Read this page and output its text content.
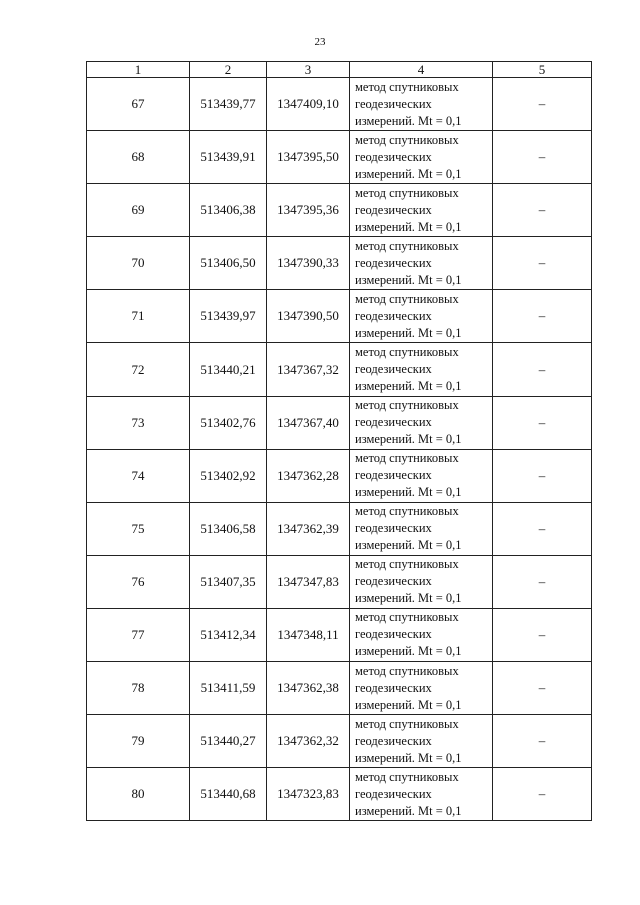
23
1	2	3	4	5
67	513439,77	1347409,10	метод спутниковых
геодезических
измерений. Mt = 0,1	–
68	513439,91	1347395,50	метод спутниковых
геодезических
измерений. Mt = 0,1	–
69	513406,38	1347395,36	метод спутниковых
геодезических
измерений. Mt = 0,1	–
70	513406,50	1347390,33	метод спутниковых
геодезических
измерений. Mt = 0,1	–
71	513439,97	1347390,50	метод спутниковых
геодезических
измерений. Mt = 0,1	–
72	513440,21	1347367,32	метод спутниковых
геодезических
измерений. Mt = 0,1	–
73	513402,76	1347367,40	метод спутниковых
геодезических
измерений. Mt = 0,1	–
74	513402,92	1347362,28	метод спутниковых
геодезических
измерений. Mt = 0,1	–
75	513406,58	1347362,39	метод спутниковых
геодезических
измерений. Mt = 0,1	–
76	513407,35	1347347,83	метод спутниковых
геодезических
измерений. Mt = 0,1	–
77	513412,34	1347348,11	метод спутниковых
геодезических
измерений. Mt = 0,1	–
78	513411,59	1347362,38	метод спутниковых
геодезических
измерений. Mt = 0,1	–
79	513440,27	1347362,32	метод спутниковых
геодезических
измерений. Mt = 0,1	–
80	513440,68	1347323,83	метод спутниковых
геодезических
измерений. Mt = 0,1	–
